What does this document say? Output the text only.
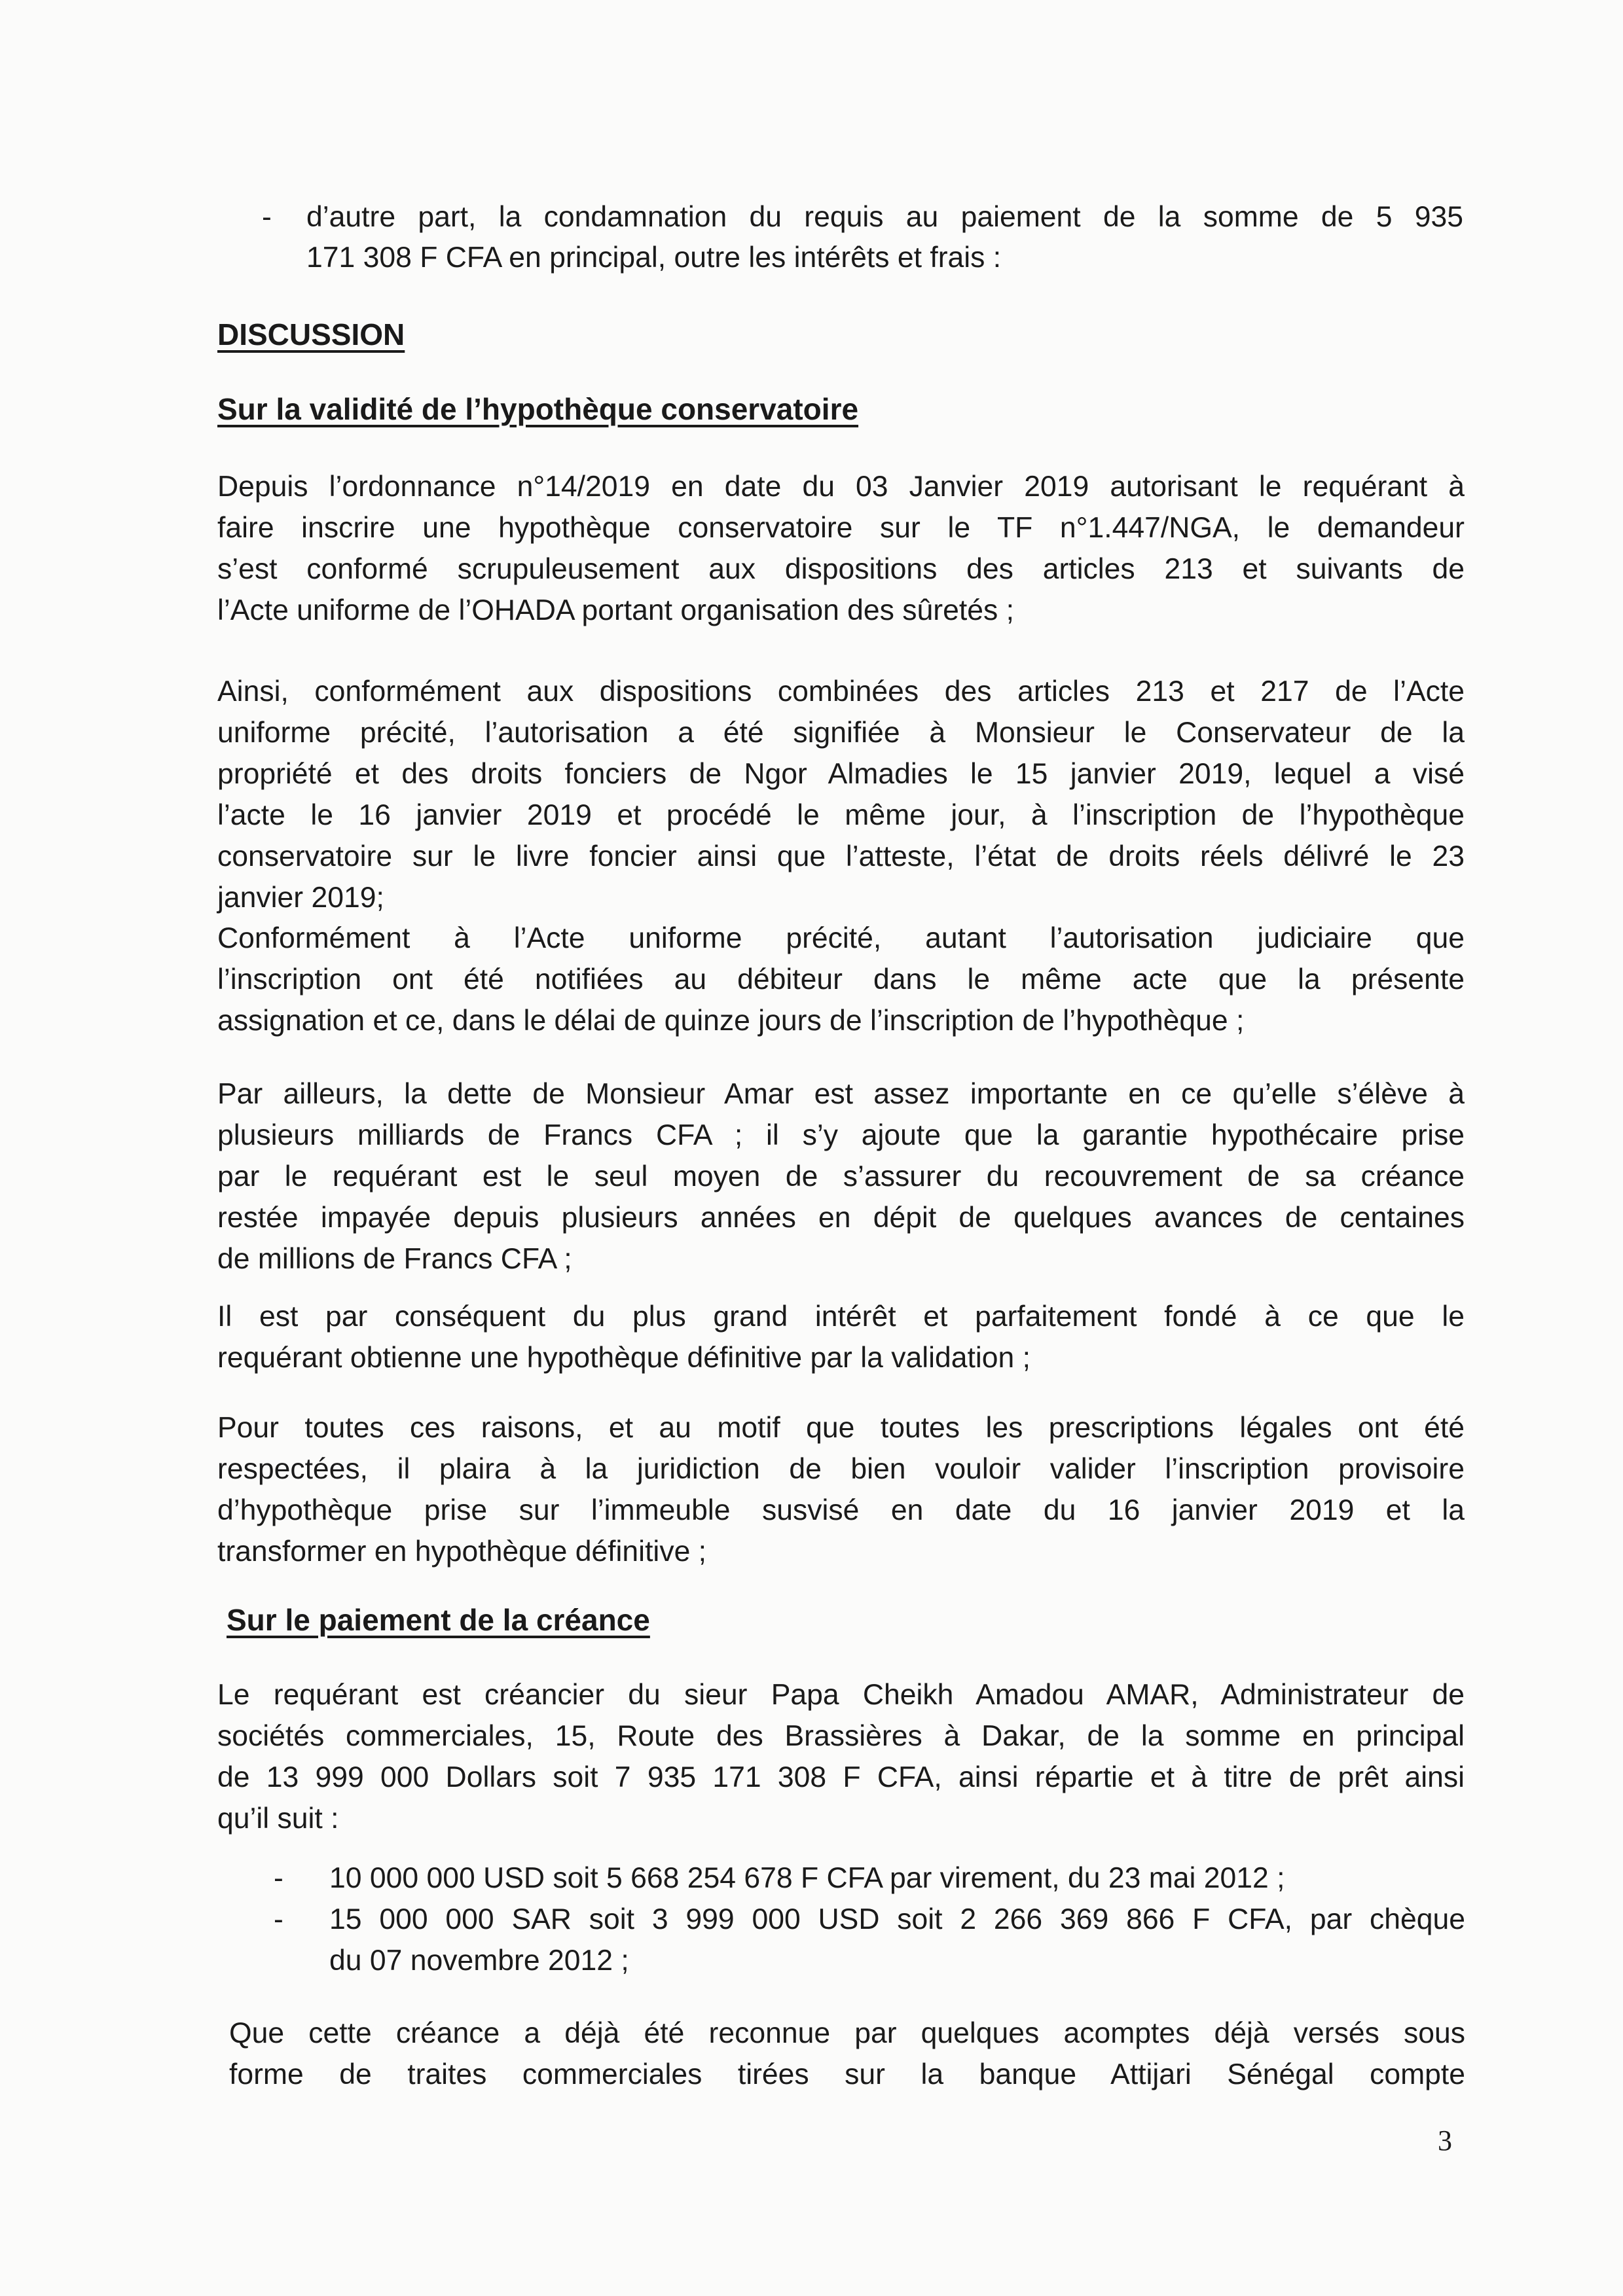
- d’autre part, la condamnation du requis au paiement de la somme de 5 935
171 308 F CFA en principal, outre les intérêts et frais :
DISCUSSION
Sur la validité de l’hypothèque conservatoire
Depuis l’ordonnance n°14/2019 en date du 03 Janvier 2019 autorisant le requérant à
faire inscrire une hypothèque conservatoire sur le TF n°1.447/NGA, le demandeur
s’est conformé scrupuleusement aux dispositions des articles 213 et suivants de
l’Acte uniforme de l’OHADA portant organisation des sûretés ;
Ainsi, conformément aux dispositions combinées des articles 213 et 217 de l’Acte
uniforme précité, l’autorisation a été signifiée à Monsieur le Conservateur de la
propriété et des droits fonciers de Ngor Almadies le 15 janvier 2019, lequel a visé
l’acte le 16 janvier 2019 et procédé le même jour, à l’inscription de l’hypothèque
conservatoire sur le livre foncier ainsi que l’atteste, l’état de droits réels délivré le 23
janvier 2019;
Conformément à l’Acte uniforme précité, autant l’autorisation judiciaire que
l’inscription ont été notifiées au débiteur dans le même acte que la présente
assignation et ce, dans le délai de quinze jours de l’inscription de l’hypothèque ;
Par ailleurs, la dette de Monsieur Amar est assez importante en ce qu’elle s’élève à
plusieurs milliards de Francs CFA ; il s’y ajoute que la garantie hypothécaire prise
par le requérant est le seul moyen de s’assurer du recouvrement de sa créance
restée impayée depuis plusieurs années en dépit de quelques avances de centaines
de millions de Francs CFA ;
Il est par conséquent du plus grand intérêt et parfaitement fondé à ce que le
requérant obtienne une hypothèque définitive par la validation ;
Pour toutes ces raisons, et au motif que toutes les prescriptions légales ont été
respectées, il plaira à la juridiction de bien vouloir valider l’inscription provisoire
d’hypothèque prise sur l’immeuble susvisé en date du 16 janvier 2019 et la
transformer en hypothèque définitive ;
Sur le paiement de la créance
Le requérant est créancier du sieur Papa Cheikh Amadou AMAR, Administrateur de
sociétés commerciales, 15, Route des Brassières à Dakar, de la somme en principal
de 13 999 000 Dollars soit 7 935 171 308 F CFA, ainsi répartie et à titre de prêt ainsi
qu’il suit :
- 10 000 000 USD soit 5 668 254 678 F CFA par virement, du 23 mai 2012 ;
- 15 000 000 SAR soit 3 999 000 USD soit 2 266 369 866 F CFA, par chèque
du 07 novembre 2012 ;
Que cette créance a déjà été reconnue par quelques acomptes déjà versés sous
forme de traites commerciales tirées sur la banque Attijari Sénégal compte
3
